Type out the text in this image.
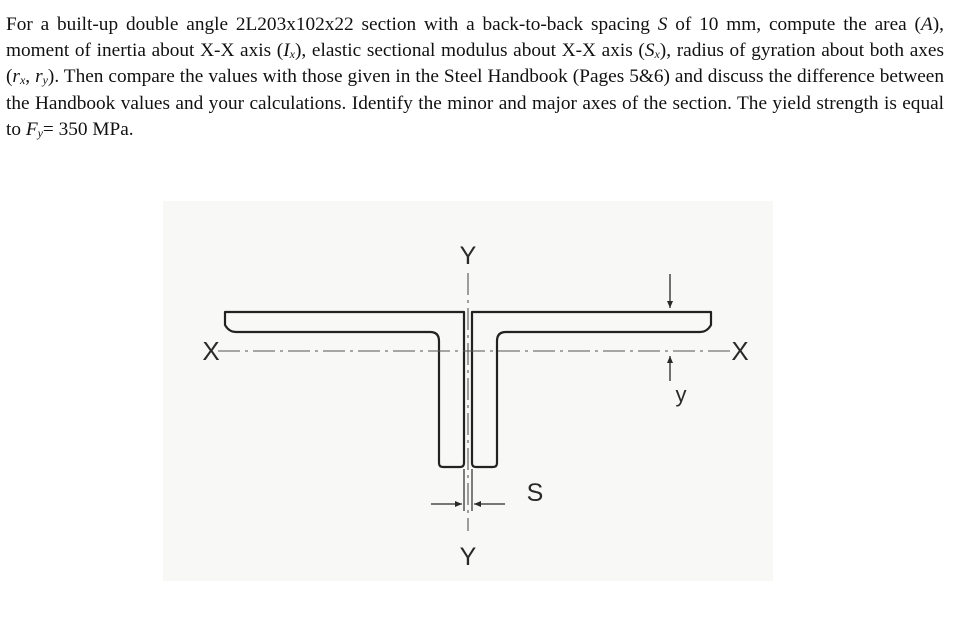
For a built-up double angle 2L203x102x22 section with a back-to-back spacing S of 10 mm, compute the area (A), moment of inertia about X-X axis $(I_x)$, elastic sectional modulus about X-X axis $(S_x)$, radius of gyration about both axes ($r_x$, $r_y$). Then compare the values with those given in the Steel Handbook (Pages 5&6) and discuss the difference between the Handbook values and your calculations. Identify the minor and major axes of the section. The yield strength is equal to $F_y= 350$ MPa.
Y
Y
X	X
y
S
